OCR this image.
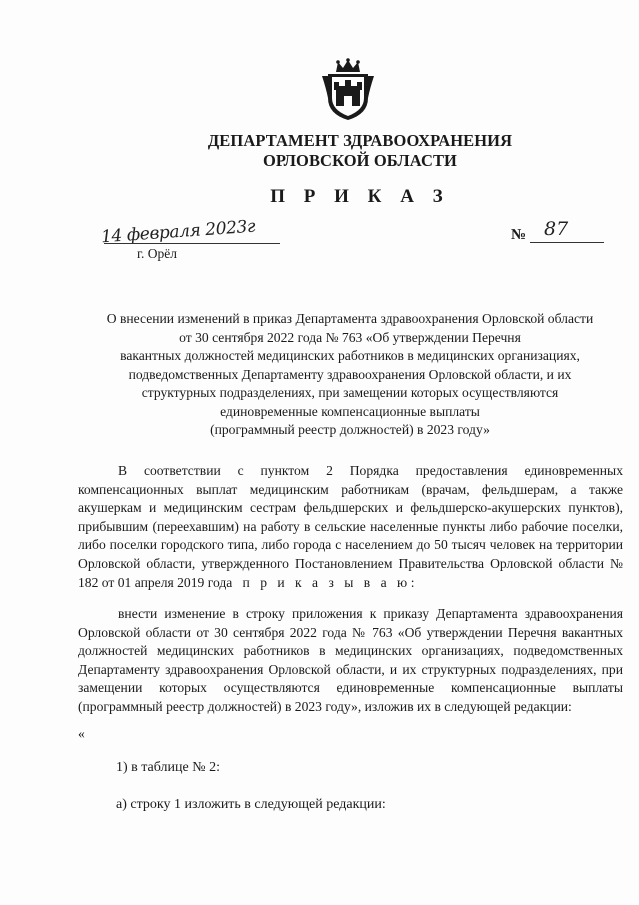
ДЕПАРТАМЕНТ ЗДРАВООХРАНЕНИЯ
ОРЛОВСКОЙ ОБЛАСТИ
П Р И К А З
14 февраля 2023г
г. Орёл
№ 87
О внесении изменений в приказ Департамента здравоохранения Орловской области
от 30 сентября 2022 года № 763 «Об утверждении Перечня
вакантных должностей медицинских работников в медицинских организациях,
подведомственных Департаменту здравоохранения Орловской области, и их
структурных подразделениях, при замещении которых осуществляются
единовременные компенсационные выплаты
(программный реестр должностей) в 2023 году»

В соответствии с пунктом 2 Порядка предоставления единовременных компенсационных выплат медицинским работникам (врачам, фельдшерам, а также акушеркам и медицинским сестрам фельдшерских и фельдшерско-акушерских пунктов), прибывшим (переехавшим) на работу в сельские населенные пункты либо рабочие поселки, либо поселки городского типа, либо города с населением до 50 тысяч человек на территории Орловской области, утвержденного Постановлением Правительства Орловской области № 182 от 01 апреля 2019 года п р и к а з ы в а ю:

внести изменение в строку приложения к приказу Департамента здравоохранения Орловской области от 30 сентября 2022 года № 763 «Об утверждении Перечня вакантных должностей медицинских работников в медицинских организациях, подведомственных Департаменту здравоохранения Орловской области, и их структурных подразделениях, при замещении которых осуществляются единовременные компенсационные выплаты (программный реестр должностей) в 2023 году», изложив их в следующей редакции:

«
1) в таблице № 2:
а) строку 1 изложить в следующей редакции:
